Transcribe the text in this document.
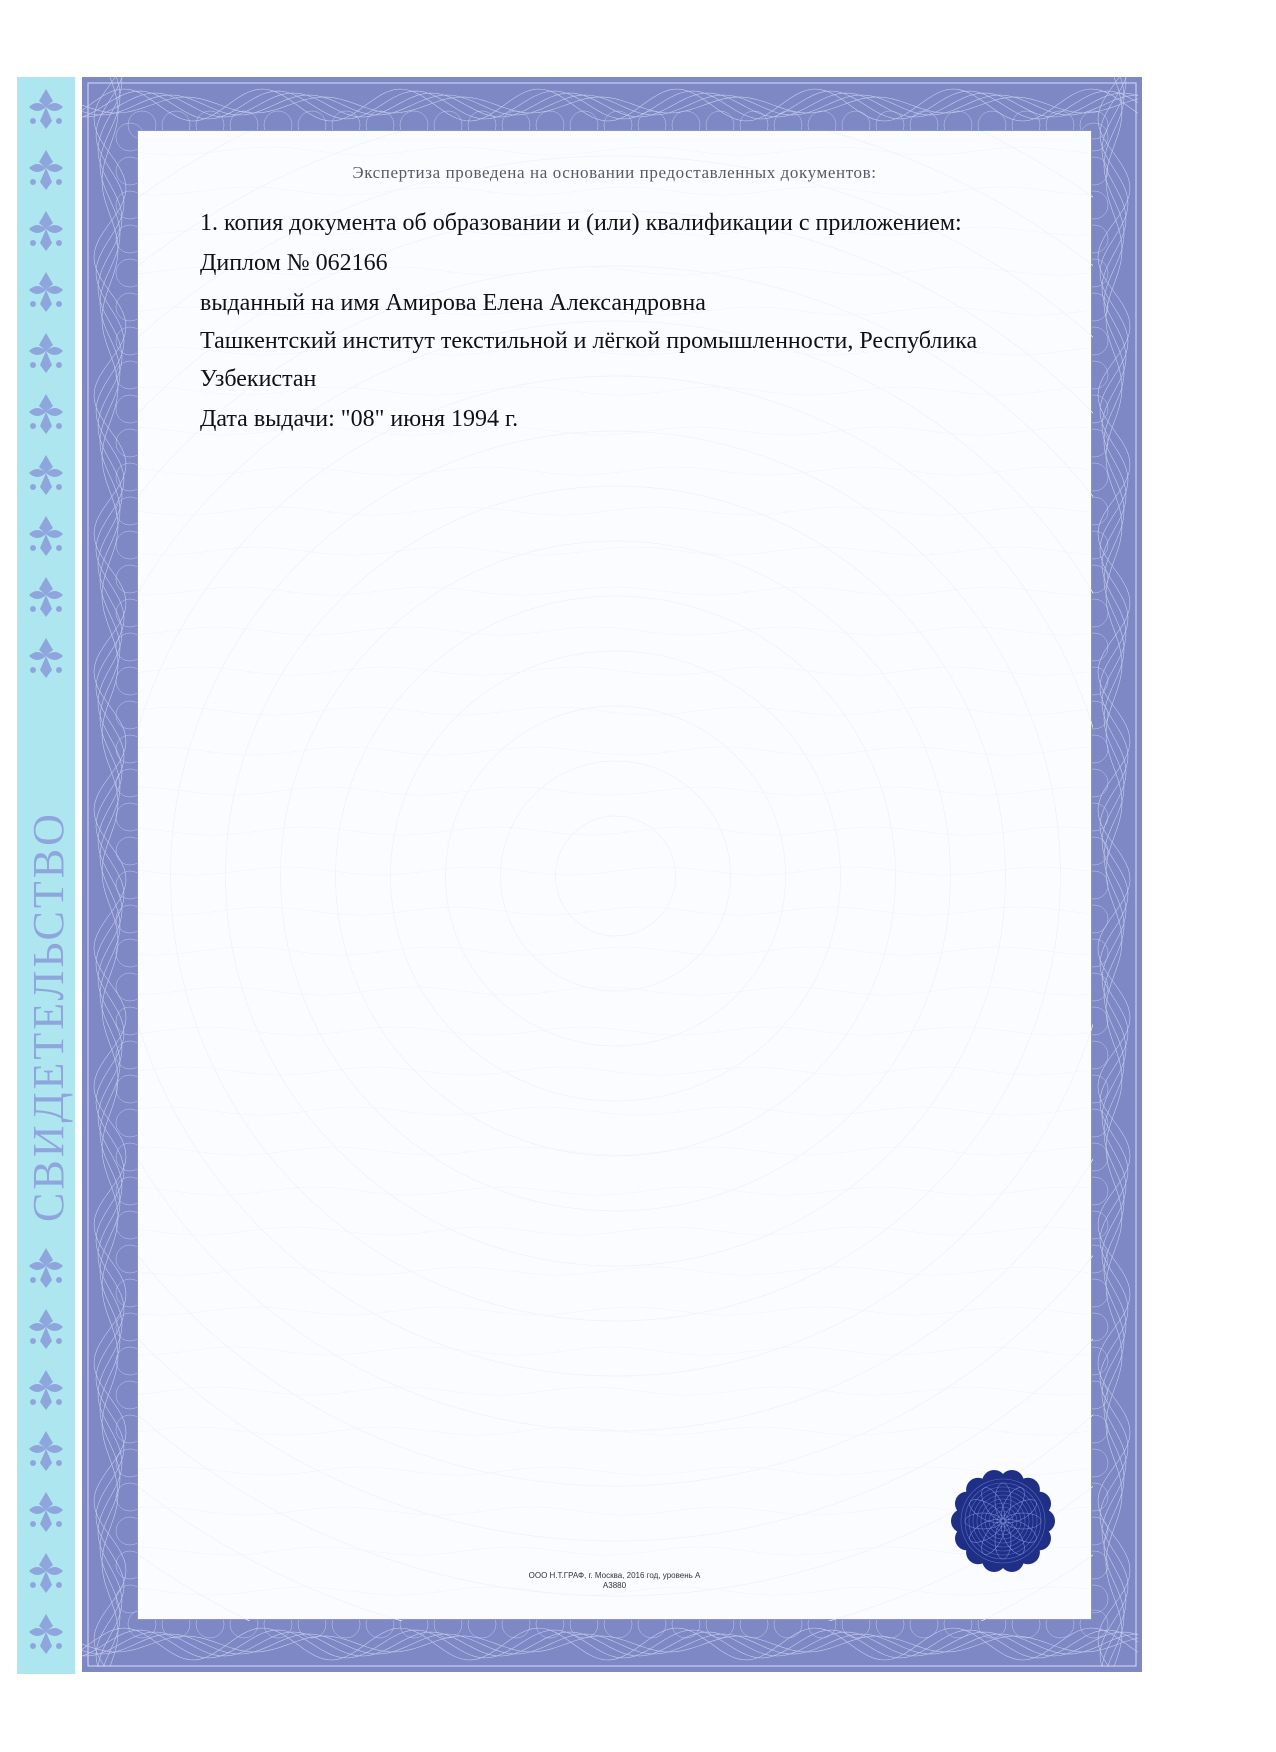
СВИДЕТЕЛЬСТВО
Экспертиза проведена на основании предоставленных документов:
1. копия документа об образовании и (или) квалификации с приложением:
Диплом № 062166
выданный на имя Амирова Елена Александровна
Ташкентский институт текстильной и лёгкой промышленности, Республика
Узбекистан
Дата выдачи: "08" июня 1994 г.
ООО Н.Т.ГРАФ, г. Москва, 2016 год, уровень А
А3880
